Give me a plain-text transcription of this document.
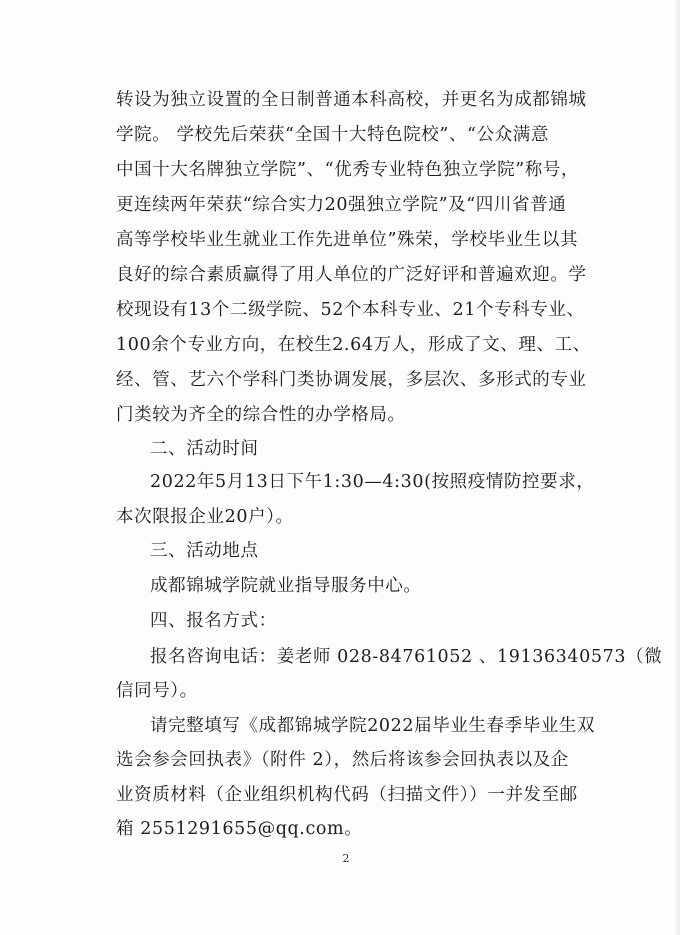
转设为独立设置的全日制普通本科高校，并更名为成都锦城
学院。 学校先后荣获“全国十大特色院校”、“公众满意
中国十大名牌独立学院”、“优秀专业特色独立学院”称号，
更连续两年荣获“综合实力20强独立学院”及“四川省普通
高等学校毕业生就业工作先进单位”殊荣，学校毕业生以其
良好的综合素质赢得了用人单位的广泛好评和普遍欢迎。学
校现设有13个二级学院、52个本科专业、21个专科专业、
100余个专业方向，在校生2.64万人，形成了文、理、工、
经、管、艺六个学科门类协调发展，多层次、多形式的专业
门类较为齐全的综合性的办学格局。
二、活动时间
2022年5月13日下午1:30—4:30(按照疫情防控要求，
本次限报企业20户）。
三、活动地点
成都锦城学院就业指导服务中心。
四、报名方式：
报名咨询电话：姜老师 028-84761052 、19136340573（微
信同号）。
请完整填写《成都锦城学院2022届毕业生春季毕业生双
选会参会回执表》（附件 2），然后将该参会回执表以及企
业资质材料（企业组织机构代码（扫描文件））一并发至邮
箱 2551291655@qq.com。
2
